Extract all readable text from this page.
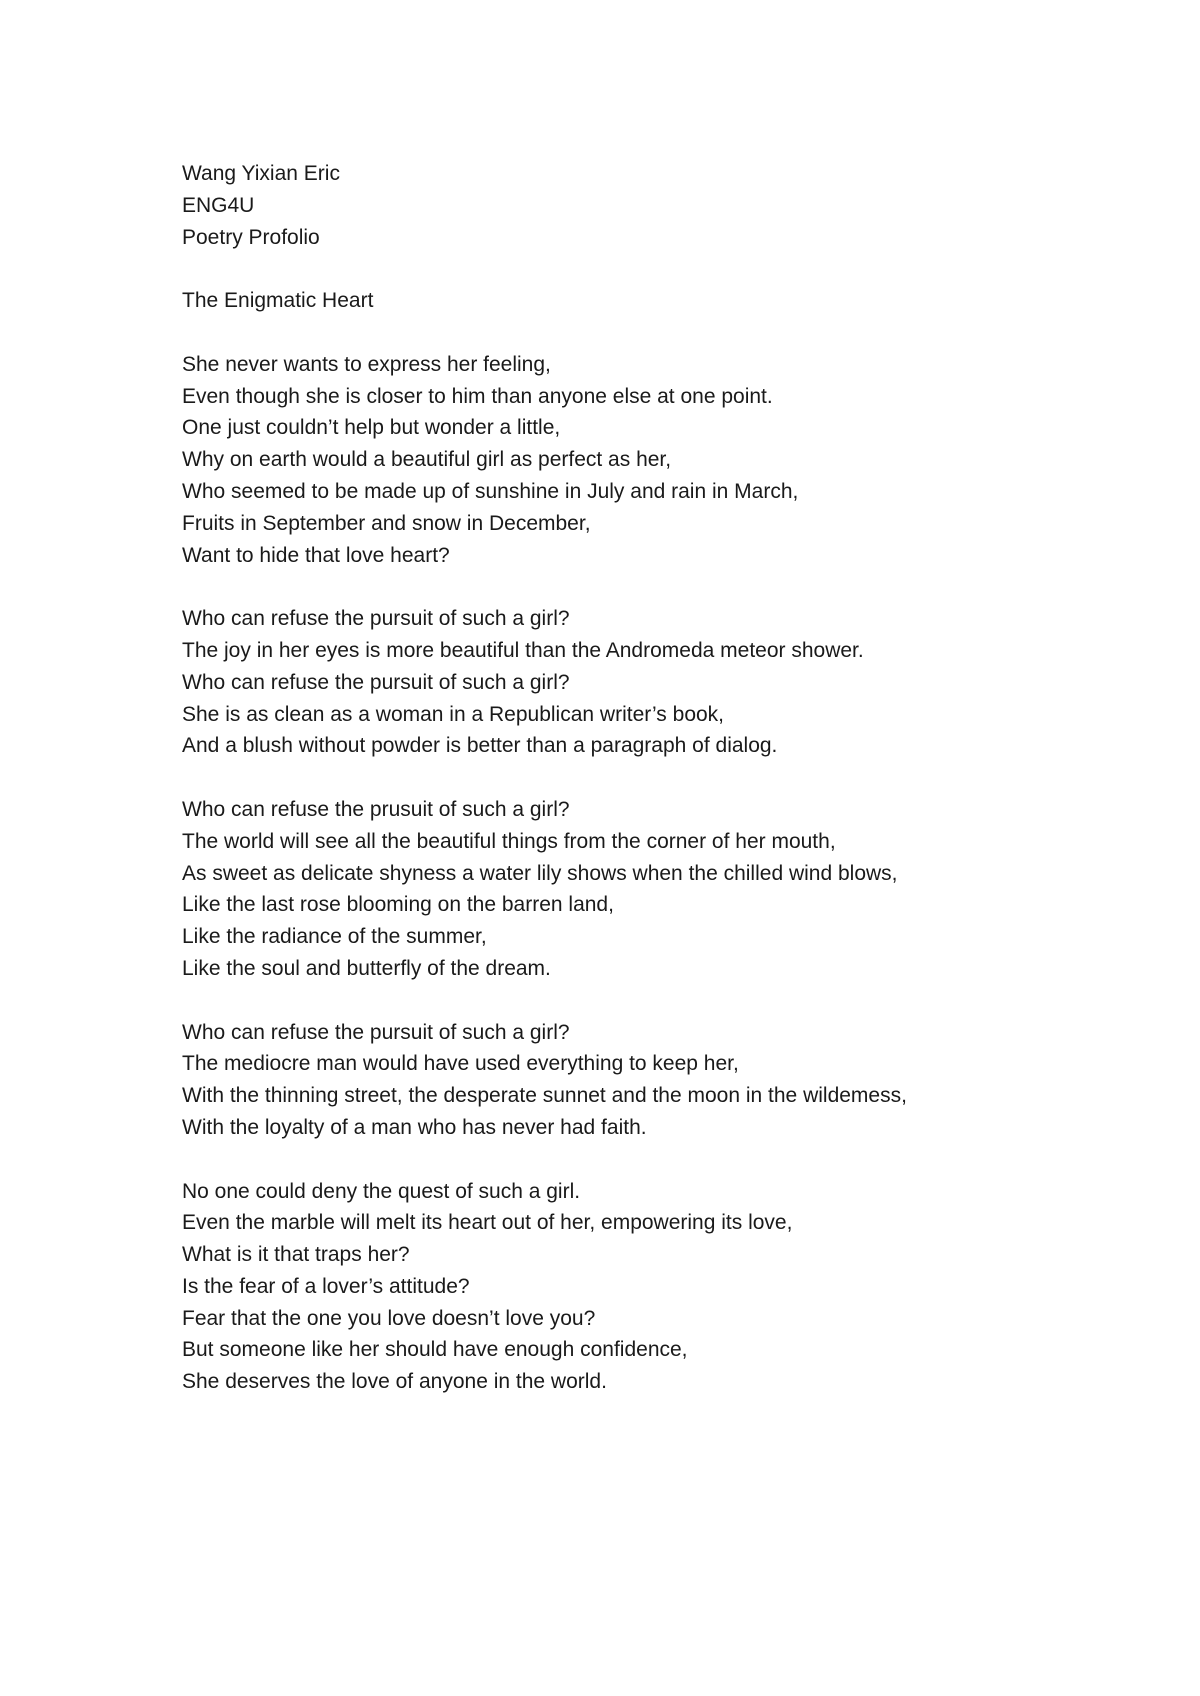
Wang Yixian Eric
ENG4U
Poetry Profolio
The Enigmatic Heart
She never wants to express her feeling,
Even though she is closer to him than anyone else at one point.
One just couldn’t help but wonder a little,
Why on earth would a beautiful girl as perfect as her,
Who seemed to be made up of sunshine in July and rain in March,
Fruits in September and snow in December,
Want to hide that love heart?
Who can refuse the pursuit of such a girl?
The joy in her eyes is more beautiful than the Andromeda meteor shower.
Who can refuse the pursuit of such a girl?
She is as clean as a woman in a Republican writer’s book,
And a blush without powder is better than a paragraph of dialog.
Who can refuse the prusuit of such a girl?
The world will see all the beautiful things from the corner of her mouth,
As sweet as delicate shyness a water lily shows when the chilled wind blows,
Like the last rose blooming on the barren land,
Like the radiance of the summer,
Like the soul and butterfly of the dream.
Who can refuse the pursuit of such a girl?
The mediocre man would have used everything to keep her,
With the thinning street, the desperate sunnet and the moon in the wildemess,
With the loyalty of a man who has never had faith.
No one could deny the quest of such a girl.
Even the marble will melt its heart out of her, empowering its love,
What is it that traps her?
Is the fear of a lover’s attitude?
Fear that the one you love doesn’t love you?
But someone like her should have enough confidence,
She deserves the love of anyone in the world.
